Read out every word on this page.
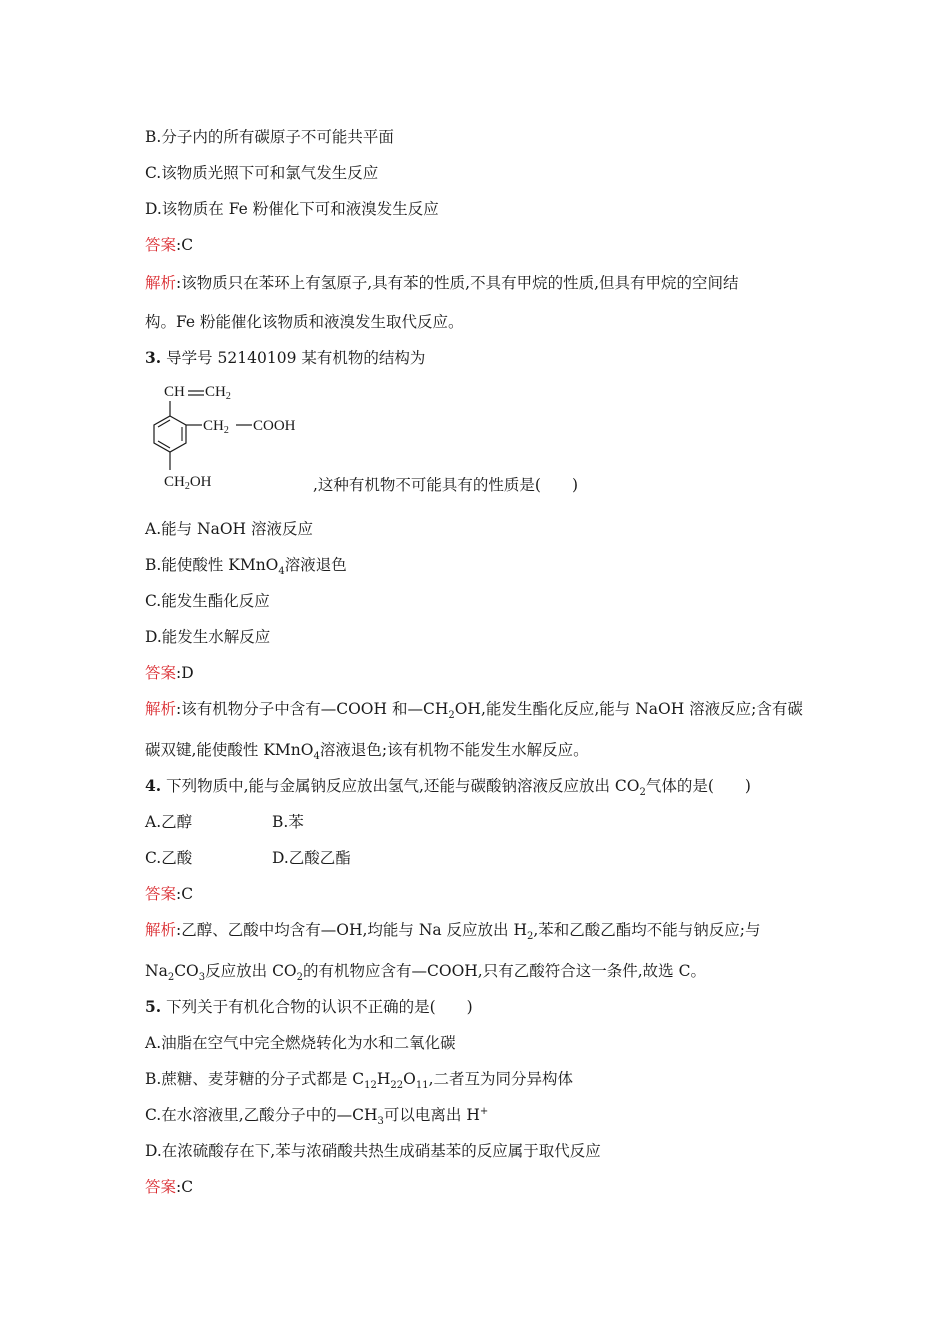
B.分子内的所有碳原子不可能共平面
C.该物质光照下可和氯气发生反应
D.该物质在 Fe 粉催化下可和液溴发生反应
答案:C
解析:该物质只在苯环上有氢原子,具有苯的性质,不具有甲烷的性质,但具有甲烷的空间结
构。Fe 粉能催化该物质和液溴发生取代反应。
3. 导学号 52140109 某有机物的结构为
CH $CH_2$
$CH_2$ COOH
$CH_2OH$	,这种有机物不可能具有的性质是(　　)
A.能与 NaOH 溶液反应
B.能使酸性 KMnO$_4$溶液退色
C.能发生酯化反应
D.能发生水解反应
答案:D
解析:该有机物分子中含有—COOH 和$—CH_2OH$,能发生酯化反应,能与 NaOH 溶液反应;含有碳
碳双键,能使酸性 KMnO$_4$溶液退色;该有机物不能发生水解反应。
4. 下列物质中,能与金属钠反应放出氢气,还能与碳酸钠溶液反应放出 $CO_2$气体的是(　　)
A.乙醇	B.苯
C.乙酸	D.乙酸乙酯
答案:C
解析:乙醇、乙酸中均含有—OH,均能与 Na 反应放出 $H_2$,苯和乙酸乙酯均不能与钠反应;与
$Na_2CO_3$反应放出 $CO_2$的有机物应含有—COOH,只有乙酸符合这一条件,故选 C。
5. 下列关于有机化合物的认识不正确的是(　　)
A.油脂在空气中完全燃烧转化为水和二氧化碳
B.蔗糖、麦芽糖的分子式都是 $C_{12}H_{22}O_{11}$,二者互为同分异构体
C.在水溶液里,乙酸分子中的$—CH_3$可以电离出 H+
D.在浓硫酸存在下,苯与浓硝酸共热生成硝基苯的反应属于取代反应
答案:C
